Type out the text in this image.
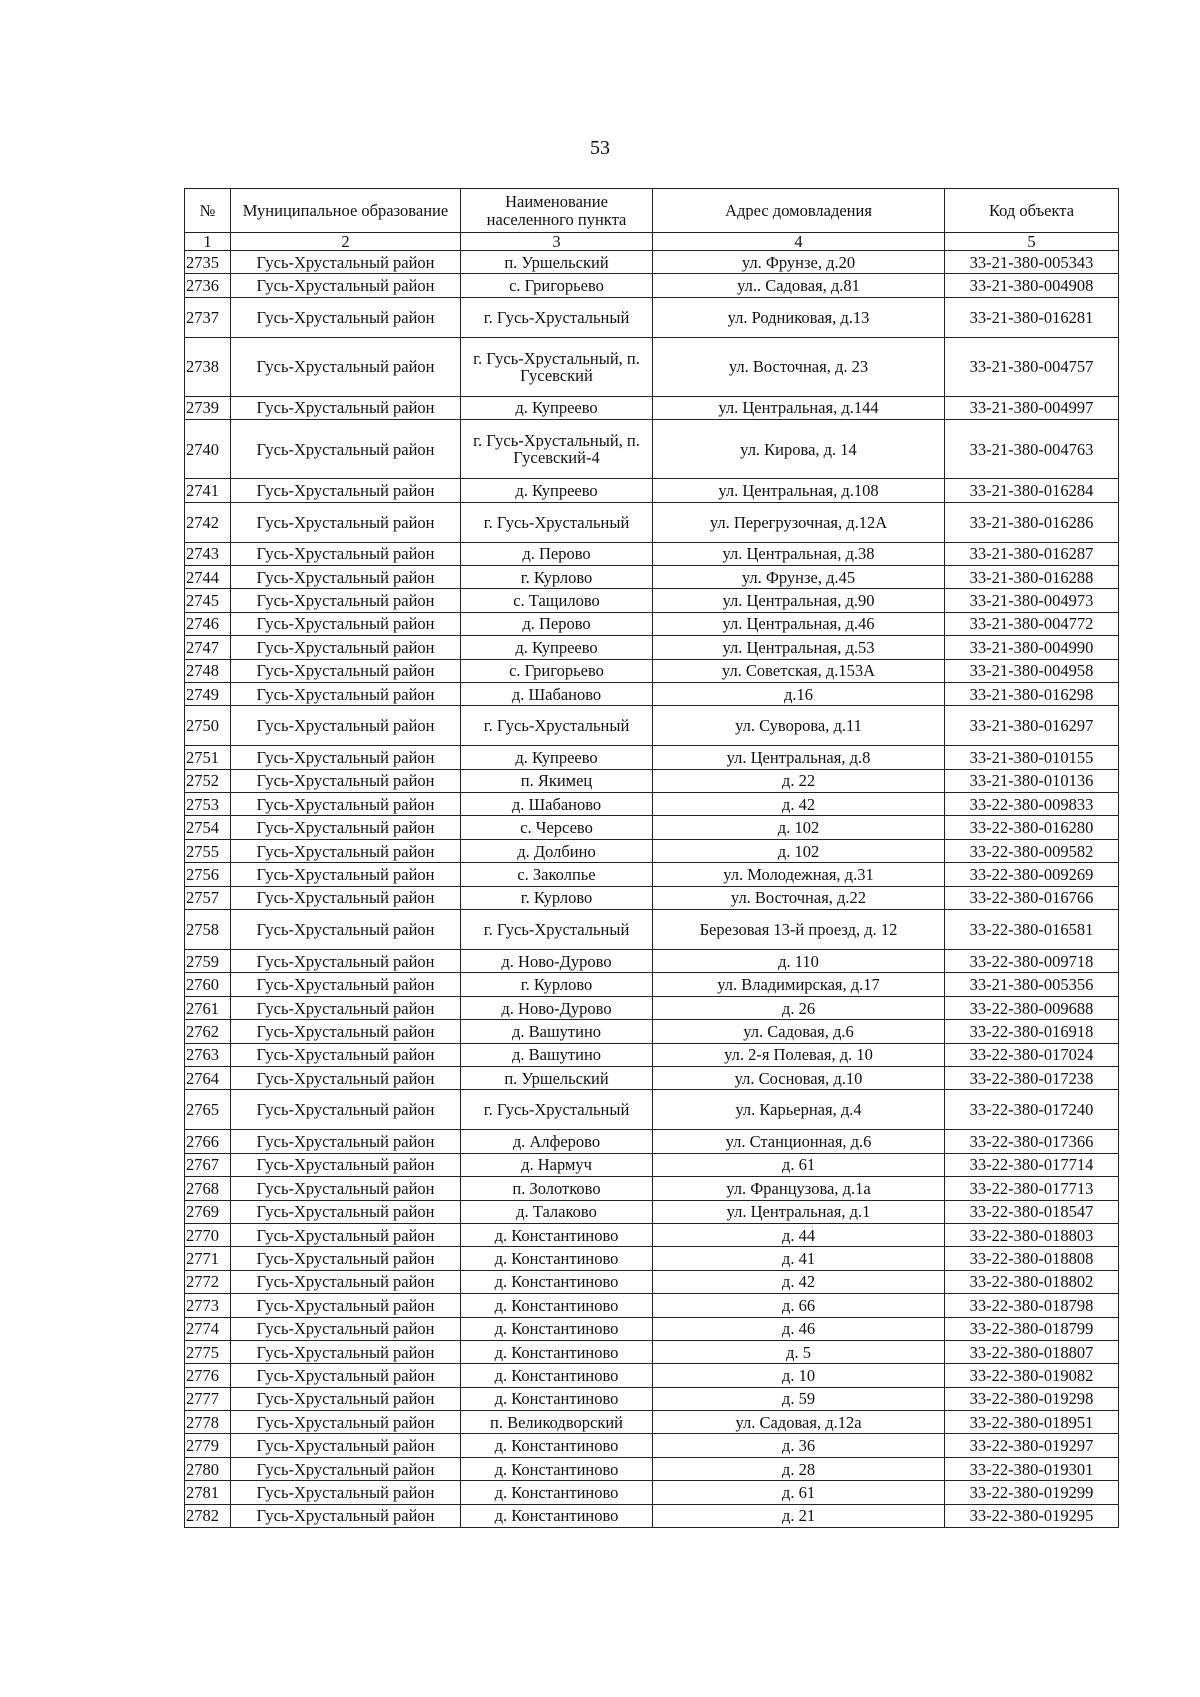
53
№	Муниципальное образование	Наименование населенного пункта	Адрес домовладения	Код объекта
1	2	3	4	5
2735	Гусь-Хрустальный район	п. Уршельский	ул. Фрунзе, д.20	33-21-380-005343
2736	Гусь-Хрустальный район	с. Григорьево	ул.. Садовая, д.81	33-21-380-004908
2737	Гусь-Хрустальный район	г. Гусь-Хрустальный	ул. Родниковая, д.13	33-21-380-016281
2738	Гусь-Хрустальный район	г. Гусь-Хрустальный, п. Гусевский	ул. Восточная, д. 23	33-21-380-004757
2739	Гусь-Хрустальный район	д. Купреево	ул. Центральная, д.144	33-21-380-004997
2740	Гусь-Хрустальный район	г. Гусь-Хрустальный, п. Гусевский-4	ул. Кирова, д. 14	33-21-380-004763
2741	Гусь-Хрустальный район	д. Купреево	ул. Центральная, д.108	33-21-380-016284
2742	Гусь-Хрустальный район	г. Гусь-Хрустальный	ул. Перегрузочная, д.12А	33-21-380-016286
2743	Гусь-Хрустальный район	д. Перово	ул. Центральная, д.38	33-21-380-016287
2744	Гусь-Хрустальный район	г. Курлово	ул. Фрунзе, д.45	33-21-380-016288
2745	Гусь-Хрустальный район	с. Тащилово	ул. Центральная, д.90	33-21-380-004973
2746	Гусь-Хрустальный район	д. Перово	ул. Центральная, д.46	33-21-380-004772
2747	Гусь-Хрустальный район	д. Купреево	ул. Центральная, д.53	33-21-380-004990
2748	Гусь-Хрустальный район	с. Григорьево	ул. Советская, д.153А	33-21-380-004958
2749	Гусь-Хрустальный район	д. Шабаново	д.16	33-21-380-016298
2750	Гусь-Хрустальный район	г. Гусь-Хрустальный	ул. Суворова, д.11	33-21-380-016297
2751	Гусь-Хрустальный район	д. Купреево	ул. Центральная, д.8	33-21-380-010155
2752	Гусь-Хрустальный район	п. Якимец	д. 22	33-21-380-010136
2753	Гусь-Хрустальный район	д. Шабаново	д. 42	33-22-380-009833
2754	Гусь-Хрустальный район	с. Черсево	д. 102	33-22-380-016280
2755	Гусь-Хрустальный район	д. Долбино	д. 102	33-22-380-009582
2756	Гусь-Хрустальный район	с. Заколпье	ул. Молодежная, д.31	33-22-380-009269
2757	Гусь-Хрустальный район	г. Курлово	ул. Восточная, д.22	33-22-380-016766
2758	Гусь-Хрустальный район	г. Гусь-Хрустальный	Березовая 13-й проезд, д. 12	33-22-380-016581
2759	Гусь-Хрустальный район	д. Ново-Дурово	д. 110	33-22-380-009718
2760	Гусь-Хрустальный район	г. Курлово	ул. Владимирская, д.17	33-21-380-005356
2761	Гусь-Хрустальный район	д. Ново-Дурово	д. 26	33-22-380-009688
2762	Гусь-Хрустальный район	д. Вашутино	ул. Садовая, д.6	33-22-380-016918
2763	Гусь-Хрустальный район	д. Вашутино	ул. 2-я Полевая, д. 10	33-22-380-017024
2764	Гусь-Хрустальный район	п. Уршельский	ул. Сосновая, д.10	33-22-380-017238
2765	Гусь-Хрустальный район	г. Гусь-Хрустальный	ул. Карьерная, д.4	33-22-380-017240
2766	Гусь-Хрустальный район	д. Алферово	ул. Станционная, д.6	33-22-380-017366
2767	Гусь-Хрустальный район	д. Нармуч	д. 61	33-22-380-017714
2768	Гусь-Хрустальный район	п. Золотково	ул. Французова, д.1а	33-22-380-017713
2769	Гусь-Хрустальный район	д. Талаково	ул. Центральная, д.1	33-22-380-018547
2770	Гусь-Хрустальный район	д. Константиново	д. 44	33-22-380-018803
2771	Гусь-Хрустальный район	д. Константиново	д. 41	33-22-380-018808
2772	Гусь-Хрустальный район	д. Константиново	д. 42	33-22-380-018802
2773	Гусь-Хрустальный район	д. Константиново	д. 66	33-22-380-018798
2774	Гусь-Хрустальный район	д. Константиново	д. 46	33-22-380-018799
2775	Гусь-Хрустальный район	д. Константиново	д. 5	33-22-380-018807
2776	Гусь-Хрустальный район	д. Константиново	д. 10	33-22-380-019082
2777	Гусь-Хрустальный район	д. Константиново	д. 59	33-22-380-019298
2778	Гусь-Хрустальный район	п. Великодворский	ул. Садовая, д.12а	33-22-380-018951
2779	Гусь-Хрустальный район	д. Константиново	д. 36	33-22-380-019297
2780	Гусь-Хрустальный район	д. Константиново	д. 28	33-22-380-019301
2781	Гусь-Хрустальный район	д. Константиново	д. 61	33-22-380-019299
2782	Гусь-Хрустальный район	д. Константиново	д. 21	33-22-380-019295
